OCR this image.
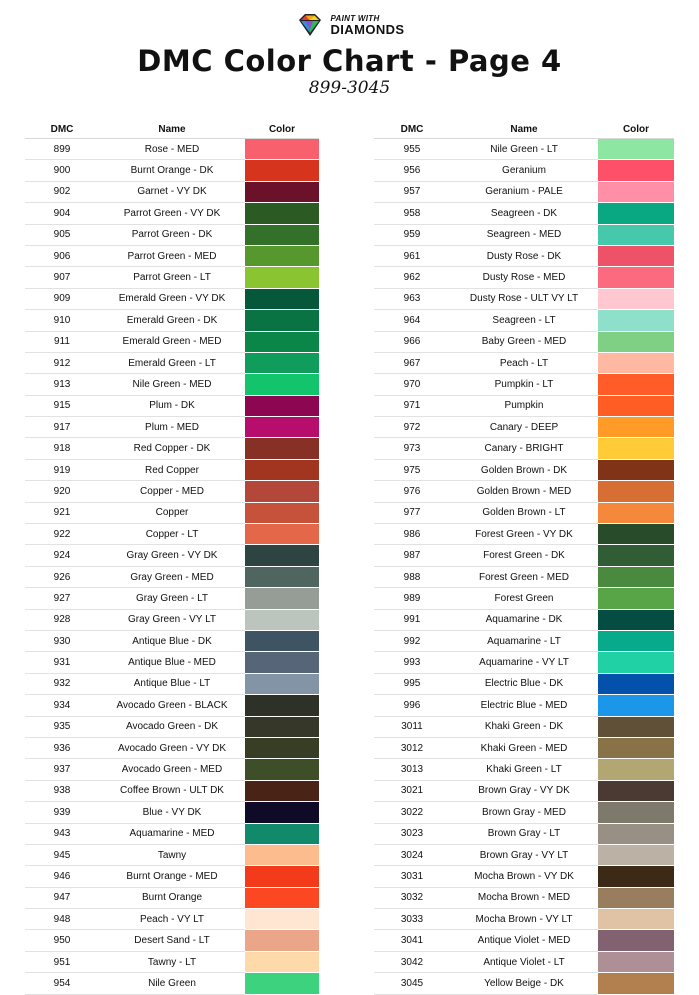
PAINT WITH
DIAMONDS
DMC Color Chart - Page 4
899-3045
DMC	Name	Color
899	Rose - MED	
900	Burnt Orange - DK	
902	Garnet - VY DK	
904	Parrot Green - VY DK	
905	Parrot Green - DK	
906	Parrot Green - MED	
907	Parrot Green - LT	
909	Emerald Green - VY DK	
910	Emerald Green - DK	
911	Emerald Green - MED	
912	Emerald Green - LT	
913	Nile Green - MED	
915	Plum - DK	
917	Plum - MED	
918	Red Copper - DK	
919	Red Copper	
920	Copper - MED	
921	Copper	
922	Copper - LT	
924	Gray Green - VY DK	
926	Gray Green - MED	
927	Gray Green - LT	
928	Gray Green - VY LT	
930	Antique Blue - DK	
931	Antique Blue - MED	
932	Antique Blue - LT	
934	Avocado Green - BLACK	
935	Avocado Green - DK	
936	Avocado Green - VY DK	
937	Avocado Green - MED	
938	Coffee Brown - ULT DK	
939	Blue - VY DK	
943	Aquamarine - MED	
945	Tawny	
946	Burnt Orange - MED	
947	Burnt Orange	
948	Peach - VY LT	
950	Desert Sand - LT	
951	Tawny - LT	
954	Nile Green	
DMC	Name	Color
955	Nile Green - LT	
956	Geranium	
957	Geranium - PALE	
958	Seagreen - DK	
959	Seagreen - MED	
961	Dusty Rose - DK	
962	Dusty Rose - MED	
963	Dusty Rose - ULT VY LT	
964	Seagreen - LT	
966	Baby Green - MED	
967	Peach - LT	
970	Pumpkin - LT	
971	Pumpkin	
972	Canary - DEEP	
973	Canary - BRIGHT	
975	Golden Brown - DK	
976	Golden Brown - MED	
977	Golden Brown - LT	
986	Forest Green - VY DK	
987	Forest Green - DK	
988	Forest Green - MED	
989	Forest Green	
991	Aquamarine - DK	
992	Aquamarine - LT	
993	Aquamarine - VY LT	
995	Electric Blue - DK	
996	Electric Blue - MED	
3011	Khaki Green - DK	
3012	Khaki Green - MED	
3013	Khaki Green - LT	
3021	Brown Gray - VY DK	
3022	Brown Gray - MED	
3023	Brown Gray - LT	
3024	Brown Gray - VY LT	
3031	Mocha Brown - VY DK	
3032	Mocha Brown - MED	
3033	Mocha Brown - VY LT	
3041	Antique Violet - MED	
3042	Antique Violet - LT	
3045	Yellow Beige - DK	
